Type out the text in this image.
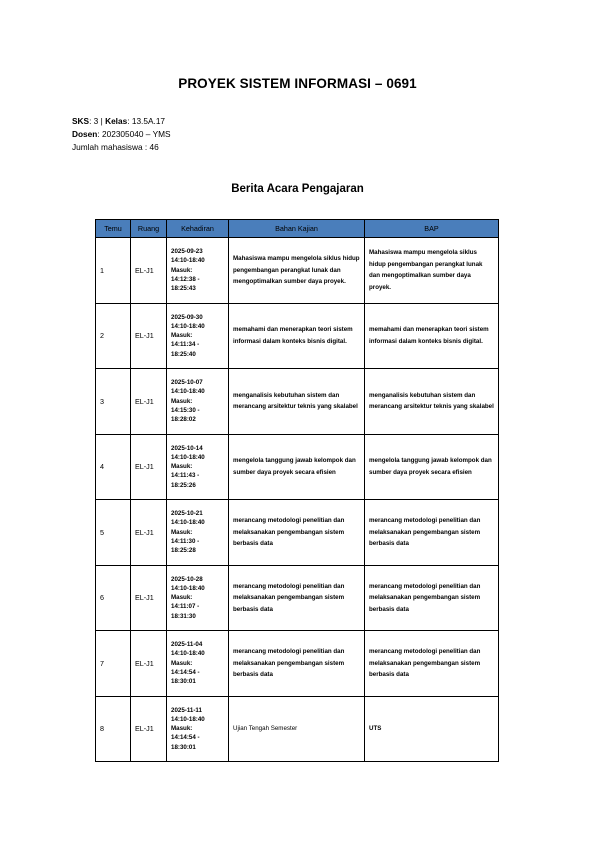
PROYEK SISTEM INFORMASI – 0691
SKS: 3 | Kelas: 13.5A.17
Dosen: 202305040 – YMS
Jumlah mahasiswa : 46
Berita Acara Pengajaran
Temu	Ruang	Kehadiran	Bahan Kajian	BAP
1	EL-J1	2025-09-23
14:10-18:40
Masuk:
14:12:38 -
18:25:43	Mahasiswa mampu mengelola siklus hidup pengembangan perangkat lunak dan mengoptimalkan sumber daya proyek.	Mahasiswa mampu mengelola siklus hidup pengembangan perangkat lunak dan mengoptimalkan sumber daya proyek.
2	EL-J1	2025-09-30
14:10-18:40
Masuk:
14:11:34 -
18:25:40	memahami dan menerapkan teori sistem informasi dalam konteks bisnis digital.	memahami dan menerapkan teori sistem informasi dalam konteks bisnis digital.
3	EL-J1	2025-10-07
14:10-18:40
Masuk:
14:15:30 -
18:28:02	menganalisis kebutuhan sistem dan merancang arsitektur teknis yang skalabel	menganalisis kebutuhan sistem dan merancang arsitektur teknis yang skalabel
4	EL-J1	2025-10-14
14:10-18:40
Masuk:
14:11:43 -
18:25:26	mengelola tanggung jawab kelompok dan sumber daya proyek secara efisien	mengelola tanggung jawab kelompok dan sumber daya proyek secara efisien
5	EL-J1	2025-10-21
14:10-18:40
Masuk:
14:11:30 -
18:25:28	merancang metodologi penelitian dan melaksanakan pengembangan sistem berbasis data	merancang metodologi penelitian dan melaksanakan pengembangan sistem berbasis data
6	EL-J1	2025-10-28
14:10-18:40
Masuk:
14:11:07 -
18:31:30	merancang metodologi penelitian dan melaksanakan pengembangan sistem berbasis data	merancang metodologi penelitian dan melaksanakan pengembangan sistem berbasis data
7	EL-J1	2025-11-04
14:10-18:40
Masuk:
14:14:54 -
18:30:01	merancang metodologi penelitian dan melaksanakan pengembangan sistem berbasis data	merancang metodologi penelitian dan melaksanakan pengembangan sistem berbasis data
8	EL-J1	2025-11-11
14:10-18:40
Masuk:
14:14:54 -
18:30:01	Ujian Tengah Semester	UTS
